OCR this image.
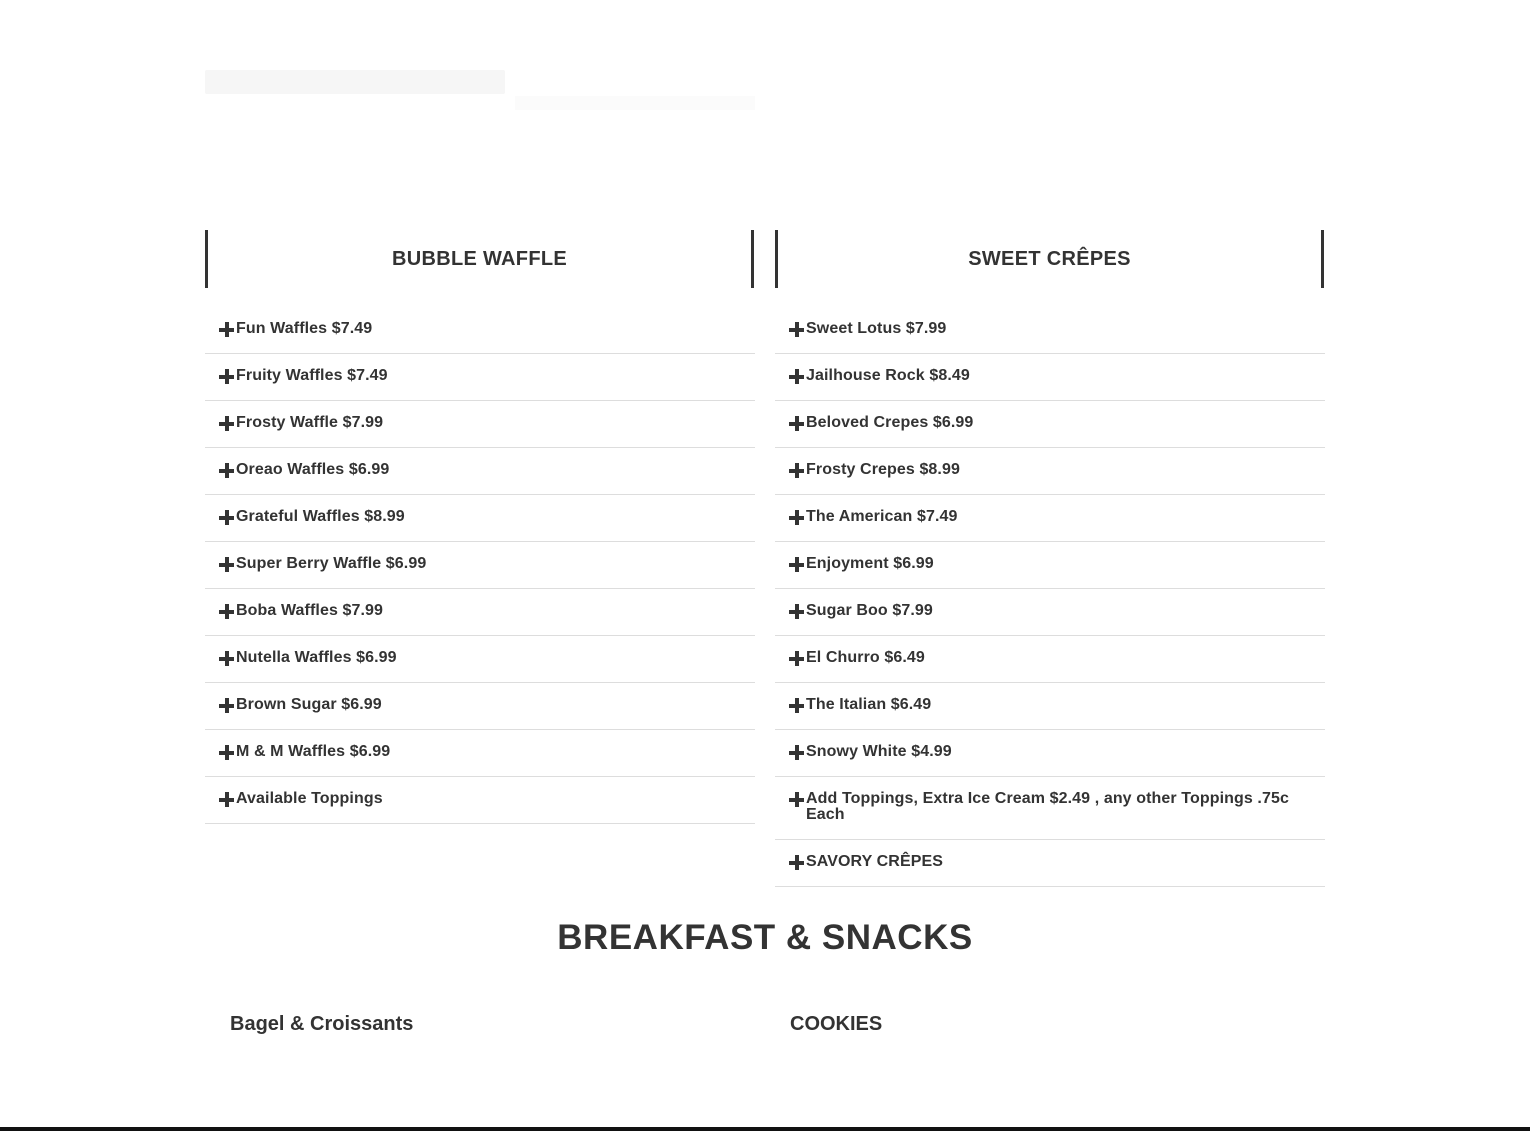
BUBBLE WAFFLE
Fun Waffles $7.49
Fruity Waffles $7.49
Frosty Waffle $7.99
Oreao Waffles $6.99
Grateful Waffles $8.99
Super Berry Waffle $6.99
Boba Waffles $7.99
Nutella Waffles $6.99
Brown Sugar $6.99
M & M Waffles $6.99
Available Toppings
SWEET CRÊPES
Sweet Lotus $7.99
Jailhouse Rock $8.49
Beloved Crepes $6.99
Frosty Crepes $8.99
The American $7.49
Enjoyment $6.99
Sugar Boo $7.99
El Churro $6.49
The Italian $6.49
Snowy White $4.99
Add Toppings, Extra Ice Cream $2.49 , any other Toppings .75c Each
SAVORY CRÊPES
BREAKFAST & SNACKS
Bagel & Croissants	COOKIES
